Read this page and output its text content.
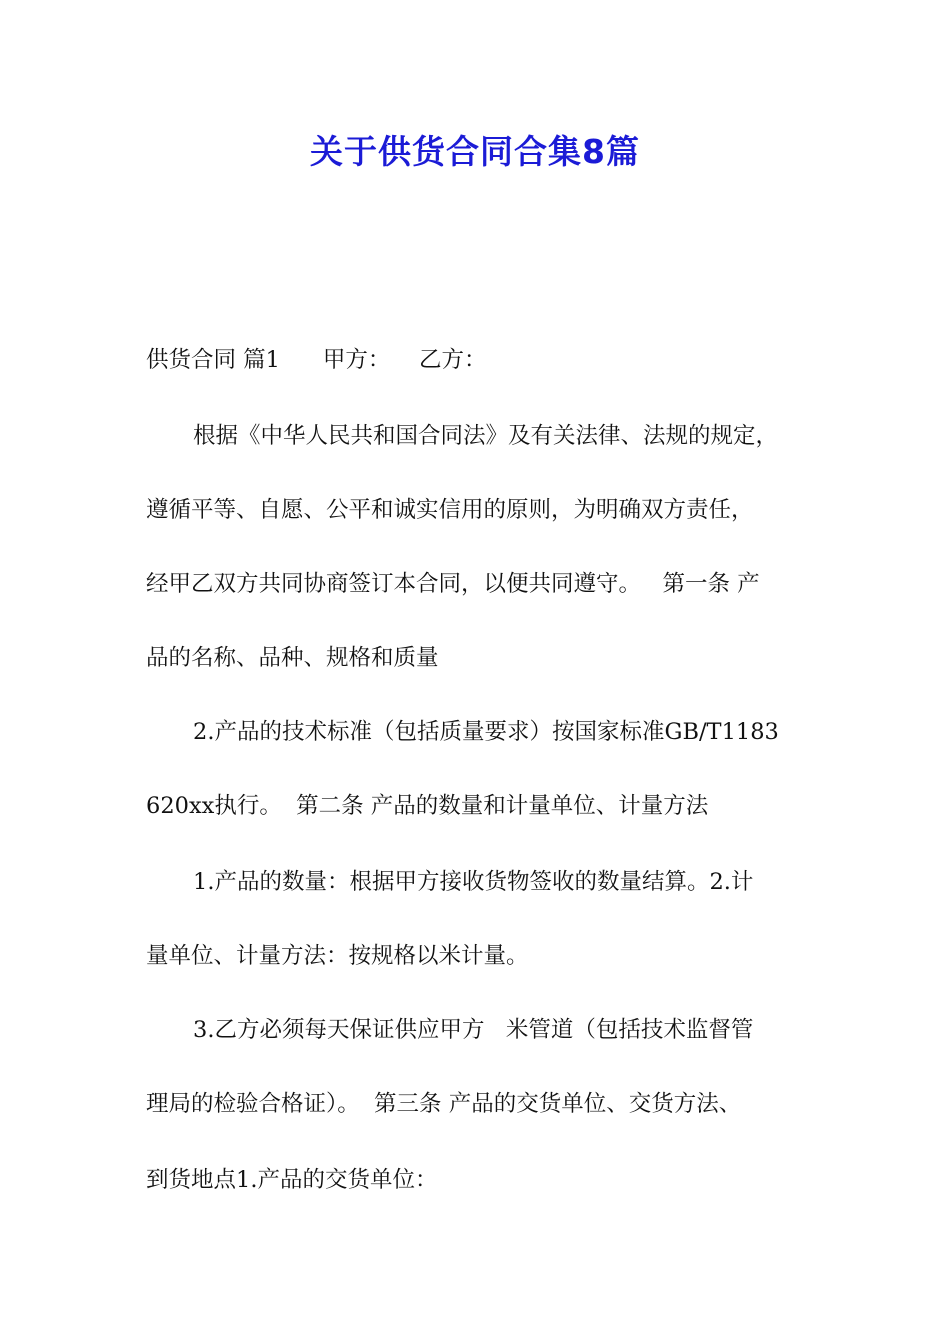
关于供货合同合集8篇

供货合同 篇1      甲方：    乙方：

根据《中华人民共和国合同法》及有关法律、法规的规定，

遵循平等、自愿、公平和诚实信用的原则，为明确双方责任，

经甲乙双方共同协商签订本合同，以便共同遵守。   第一条 产

品的名称、品种、规格和质量

2.产品的技术标准（包括质量要求）按国家标准GB/T1183

620xx执行。  第二条 产品的数量和计量单位、计量方法

1.产品的数量：根据甲方接收货物签收的数量结算。2.计

量单位、计量方法：按规格以米计量。

3.乙方必须每天保证供应甲方   米管道（包括技术监督管

理局的检验合格证）。  第三条 产品的交货单位、交货方法、

到货地点1.产品的交货单位：
